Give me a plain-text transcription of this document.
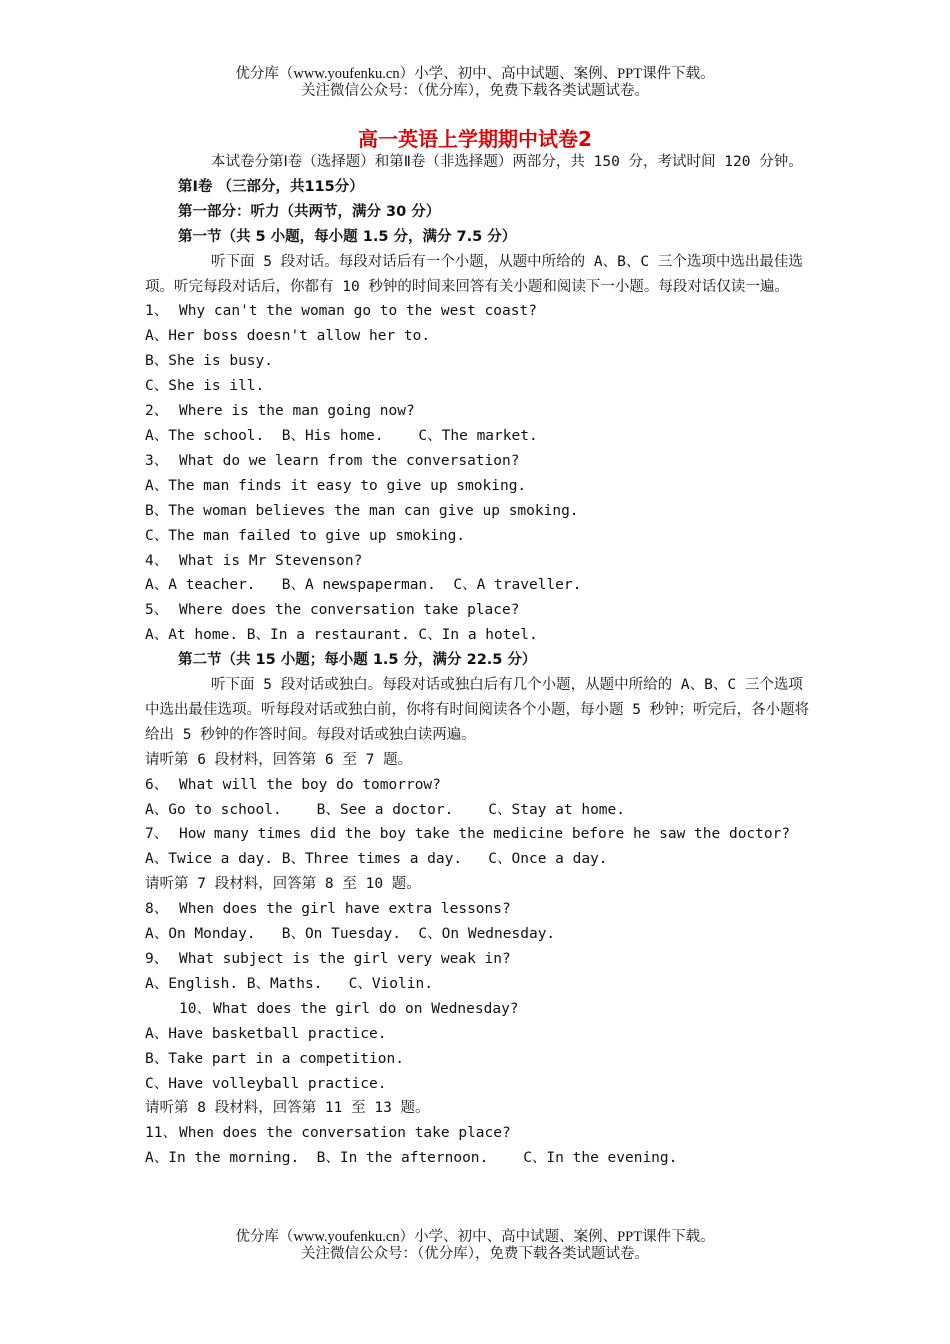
优分库（www.youfenku.cn）小学、初中、高中试题、案例、PPT课件下载。
关注微信公众号：（优分库），免费下载各类试题试卷。
高一英语上学期期中试卷2

本试卷分第Ⅰ卷（选择题）和第Ⅱ卷（非选择题）两部分，共 150 分，考试时间 120 分钟。

第Ⅰ卷 （三部分，共115分）

第一部分：听力（共两节，满分 30 分）

第一节（共 5 小题，每小题 1.5 分，满分 7.5 分）

听下面 5 段对话。每段对话后有一个小题，从题中所给的 A、B、C 三个选项中选出最佳选项。听完每段对话后，你都有 10 秒钟的时间来回答有关小题和阅读下一小题。每段对话仅读一遍。

1、 Why can't the woman go to the west coast?

A、Her boss doesn't allow her to.

B、She is busy.

C、She is ill.

2、 Where is the man going now?

A、The school.  B、His home.    C、The market.

3、 What do we learn from the conversation?

A、The man finds it easy to give up smoking.

B、The woman believes the man can give up smoking.

C、The man failed to give up smoking.

4、 What is Mr Stevenson?

A、A teacher.   B、A newspaperman.  C、A traveller.

5、 Where does the conversation take place?

A、At home. B、In a restaurant. C、In a hotel.

第二节（共 15 小题；每小题 1.5 分，满分 22.5 分）

听下面 5 段对话或独白。每段对话或独白后有几个小题，从题中所给的 A、B、C 三个选项中选出最佳选项。听每段对话或独白前，你将有时间阅读各个小题，每小题 5 秒钟；听完后，各小题将给出 5 秒钟的作答时间。每段对话或独白读两遍。

请听第 6 段材料，回答第 6 至 7 题。

6、 What will the boy do tomorrow?

A、Go to school.    B、See a doctor.    C、Stay at home.

7、 How many times did the boy take the medicine before he saw the doctor?

A、Twice a day. B、Three times a day.   C、Once a day.

请听第 7 段材料，回答第 8 至 10 题。

8、 When does the girl have extra lessons?

A、On Monday.   B、On Tuesday.  C、On Wednesday.

9、 What subject is the girl very weak in?

A、English. B、Maths.   C、Violin.

10、 What does the girl do on Wednesday?

A、Have basketball practice.

B、Take part in a competition.

C、Have volleyball practice.

请听第 8 段材料，回答第 11 至 13 题。

11、 When does the conversation take place?

A、In the morning.  B、In the afternoon.    C、In the evening.

优分库（www.youfenku.cn）小学、初中、高中试题、案例、PPT课件下载。
关注微信公众号：（优分库），免费下载各类试题试卷。
